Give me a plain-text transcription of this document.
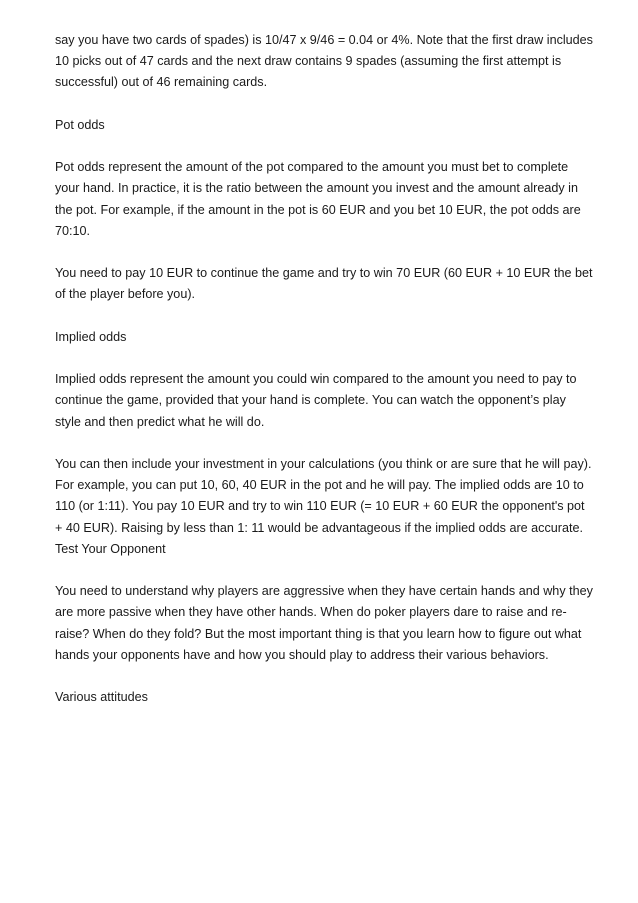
say you have two cards of spades) is 10/47 x 9/46 = 0.04 or 4%. Note that the first draw includes 10 picks out of 47 cards and the next draw contains 9 spades (assuming the first attempt is successful) out of 46 remaining cards.

Pot odds

Pot odds represent the amount of the pot compared to the amount you must bet to complete your hand. In practice, it is the ratio between the amount you invest and the amount already in the pot. For example, if the amount in the pot is 60 EUR and you bet 10 EUR, the pot odds are 70:10.

You need to pay 10 EUR to continue the game and try to win 70 EUR (60 EUR + 10 EUR the bet of the player before you).

Implied odds

Implied odds represent the amount you could win compared to the amount you need to pay to continue the game, provided that your hand is complete. You can watch the opponent’s play style and then predict what he will do.

You can then include your investment in your calculations (you think or are sure that he will pay). For example, you can put 10, 60, 40 EUR in the pot and he will pay. The implied odds are 10 to 110 (or 1:11). You pay 10 EUR and try to win 110 EUR (= 10 EUR + 60 EUR the opponent's pot + 40 EUR). Raising by less than 1: 11 would be advantageous if the implied odds are accurate.

Test Your Opponent

You need to understand why players are aggressive when they have certain hands and why they are more passive when they have other hands. When do poker players dare to raise and re-raise? When do they fold? But the most important thing is that you learn how to figure out what hands your opponents have and how you should play to address their various behaviors.

Various attitudes
